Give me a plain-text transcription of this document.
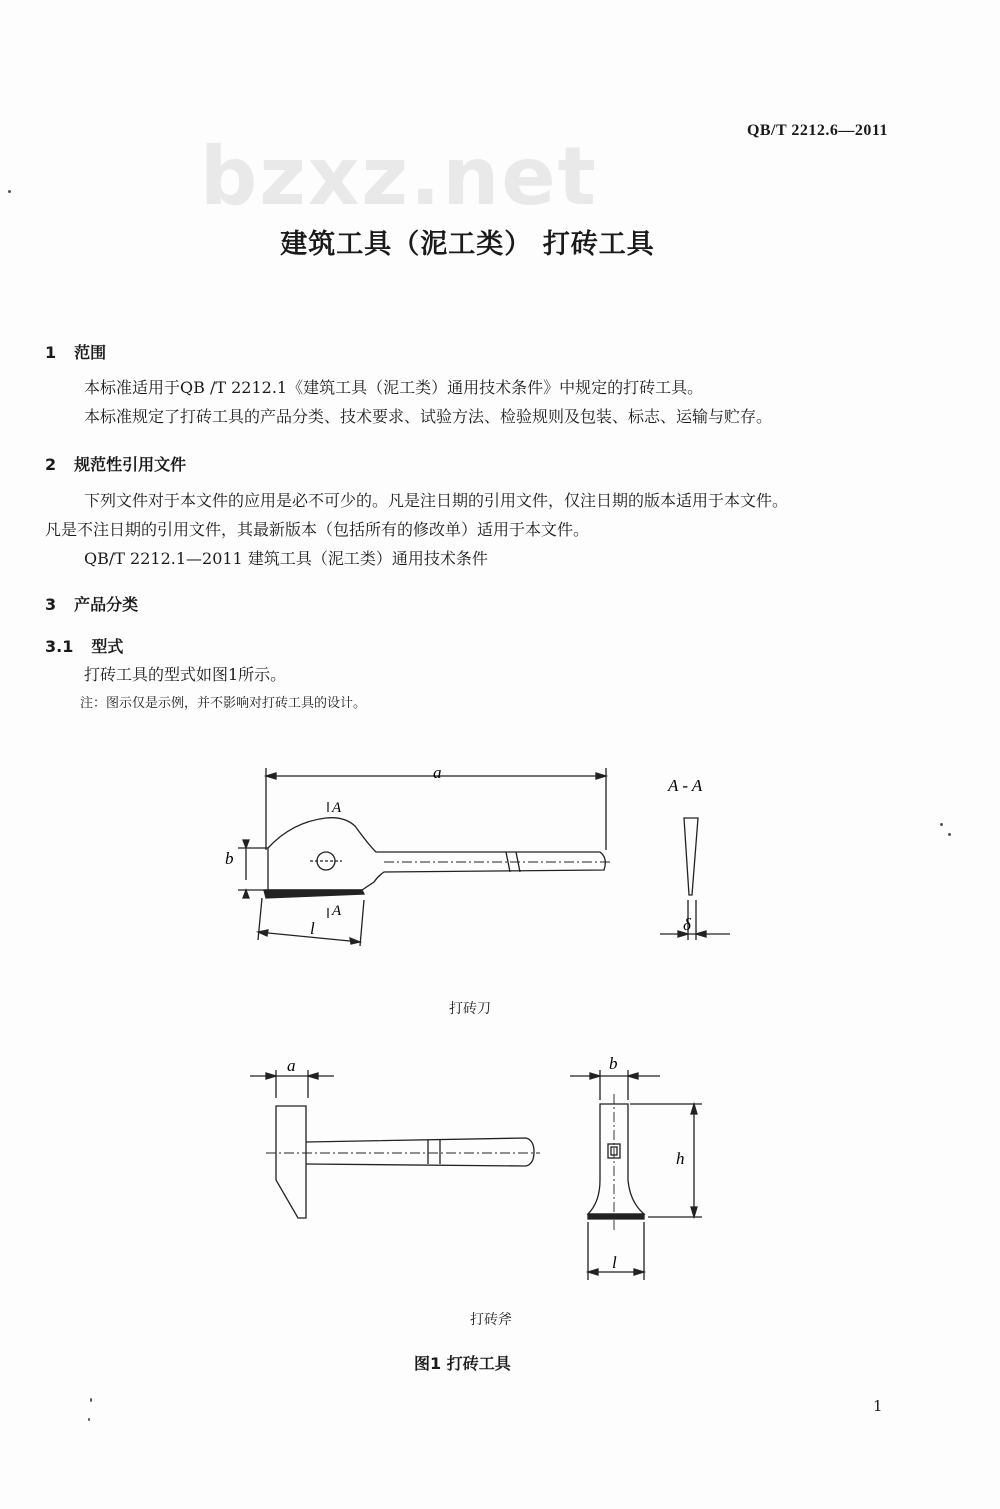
bzxz.net	QB/T 2212.6—2011
建筑工具（泥工类） 打砖工具
1 范围
本标准适用于QB /T 2212.1《建筑工具（泥工类）通用技术条件》中规定的打砖工具。
本标准规定了打砖工具的产品分类、技术要求、试验方法、检验规则及包装、标志、运输与贮存。
2 规范性引用文件
下列文件对于本文件的应用是必不可少的。凡是注日期的引用文件，仅注日期的版本适用于本文件。
凡是不注日期的引用文件，其最新版本（包括所有的修改单）适用于本文件。
QB/T 2212.1—2011 建筑工具（泥工类）通用技术条件
3 产品分类
3.1 型式
打砖工具的型式如图1所示。
注：图示仅是示例，并不影响对打砖工具的设计。
a
b
l
A
A
A - A
δ
打砖刀
a	b
h
l
打砖斧
图1 打砖工具
1
